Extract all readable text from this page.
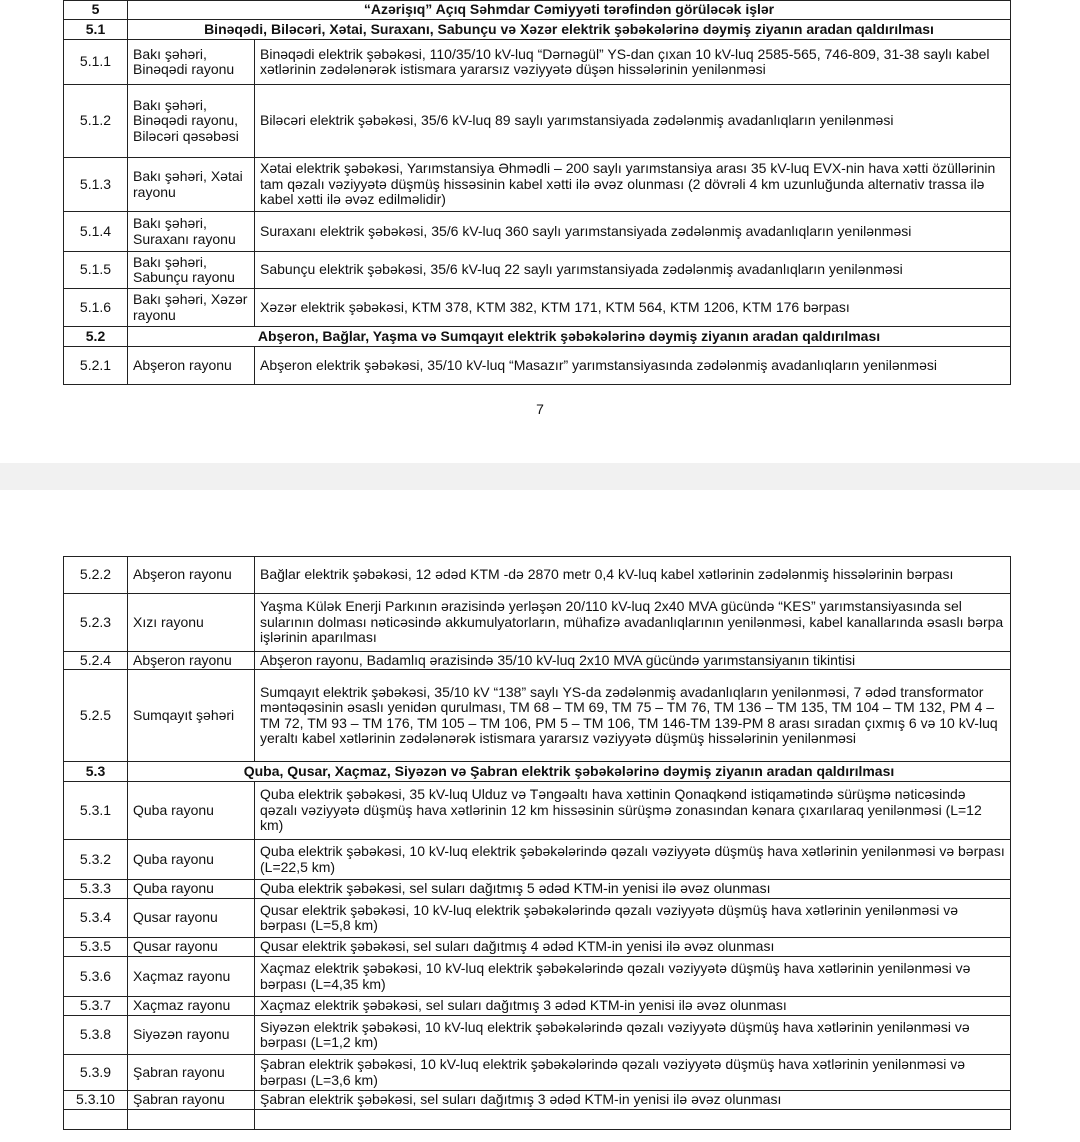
5	“Azərişıq” Açıq Səhmdar Cəmiyyəti tərəfindən görüləcək işlər	
5.1	Binəqədi, Biləcəri, Xətai, Suraxanı, Sabunçu və Xəzər elektrik şəbəkələrinə dəymiş ziyanın aradan qaldırılması	
5.1.1	Bakı şəhəri, Binəqədi rayonu	Binəqədi elektrik şəbəkəsi, 110/35/10 kV-luq “Dərnəgül” YS-dan çıxan 10 kV-luq 2585-565, 746-809, 31-38 saylı kabel xətlərinin zədələnərək istismara yararsız vəziyyətə düşən hissələrinin yenilənməsi
5.1.2	Bakı şəhəri, Binəqədi rayonu, Biləcəri qəsəbəsi	Biləcəri elektrik şəbəkəsi, 35/6 kV-luq 89 saylı yarımstansiyada zədələnmiş avadanlıqların yenilənməsi
5.1.3	Bakı şəhəri, Xətai rayonu	Xətai elektrik şəbəkəsi, Yarımstansiya Əhmədli – 200 saylı yarımstansiya arası 35 kV-luq EVX-nin hava xətti özüllərinin tam qəzalı vəziyyətə düşmüş hissəsinin kabel xətti ilə əvəz olunması (2 dövrəli 4 km uzunluğunda alternativ trassa ilə kabel xətti ilə əvəz edilməlidir)
5.1.4	Bakı şəhəri, Suraxanı rayonu	Suraxanı elektrik şəbəkəsi, 35/6 kV-luq 360 saylı yarımstansiyada zədələnmiş avadanlıqların yenilənməsi
5.1.5	Bakı şəhəri, Sabunçu rayonu	Sabunçu elektrik şəbəkəsi, 35/6 kV-luq 22 saylı yarımstansiyada zədələnmiş avadanlıqların yenilənməsi
5.1.6	Bakı şəhəri, Xəzər rayonu	Xəzər elektrik şəbəkəsi, KTM 378, KTM 382, KTM 171, KTM 564, KTM 1206, KTM 176 bərpası
5.2	Abşeron, Bağlar, Yaşma və Sumqayıt elektrik şəbəkələrinə dəymiş ziyanın aradan qaldırılması	
5.2.1	Abşeron rayonu	Abşeron elektrik şəbəkəsi, 35/10 kV-luq “Masazır” yarımstansiyasında zədələnmiş avadanlıqların yenilənməsi
7
5.2.2	Abşeron rayonu	Bağlar elektrik şəbəkəsi, 12 ədəd KTM -də 2870 metr 0,4 kV-luq kabel xətlərinin zədələnmiş hissələrinin bərpası
5.2.3	Xızı rayonu	Yaşma Külək Enerji Parkının ərazisində yerləşən 20/110 kV-luq 2x40 MVA gücündə “KES” yarımstansiyasında sel sularının dolması nəticəsində akkumulyatorların, mühafizə avadanlıqlarının yenilənməsi, kabel kanallarında əsaslı bərpa işlərinin aparılması
5.2.4	Abşeron rayonu	Abşeron rayonu, Badamlıq ərazisində 35/10 kV-luq 2x10 MVA gücündə yarımstansiyanın tikintisi
5.2.5	Sumqayıt şəhəri	Sumqayıt elektrik şəbəkəsi, 35/10 kV “138” saylı YS-da zədələnmiş avadanlıqların yenilənməsi, 7 ədəd transformator məntəqəsinin əsaslı yenidən qurulması, TM 68 – TM 69, TM 75 – TM 76, TM 136 – TM 135, TM 104 – TM 132, PM 4 – TM 72, TM 93 – TM 176, TM 105 – TM 106, PM 5 – TM 106, TM 146-TM 139-PM 8 arası sıradan çıxmış 6 və 10 kV-luq yeraltı kabel xətlərinin zədələnərək istismara yararsız vəziyyətə düşmüş hissələrinin yenilənməsi
5.3	Quba, Qusar, Xaçmaz, Siyəzən və Şabran elektrik şəbəkələrinə dəymiş ziyanın aradan qaldırılması	
5.3.1	Quba rayonu	Quba elektrik şəbəkəsi, 35 kV-luq Ulduz və Təngəaltı hava xəttinin Qonaqkənd istiqamətində sürüşmə nəticəsində qəzalı vəziyyətə düşmüş hava xətlərinin 12 km hissəsinin sürüşmə zonasından kənara çıxarılaraq yenilənməsi (L=12 km)
5.3.2	Quba rayonu	Quba elektrik şəbəkəsi, 10 kV-luq elektrik şəbəkələrində qəzalı vəziyyətə düşmüş hava xətlərinin yenilənməsi və bərpası (L=22,5 km)
5.3.3	Quba rayonu	Quba elektrik şəbəkəsi, sel suları dağıtmış 5 ədəd KTM-in yenisi ilə əvəz olunması
5.3.4	Qusar rayonu	Qusar elektrik şəbəkəsi, 10 kV-luq elektrik şəbəkələrində qəzalı vəziyyətə düşmüş hava xətlərinin yenilənməsi və bərpası (L=5,8 km)
5.3.5	Qusar rayonu	Qusar elektrik şəbəkəsi, sel suları dağıtmış 4 ədəd KTM-in yenisi ilə əvəz olunması
5.3.6	Xaçmaz rayonu	Xaçmaz elektrik şəbəkəsi, 10 kV-luq elektrik şəbəkələrində qəzalı vəziyyətə düşmüş hava xətlərinin yenilənməsi və bərpası (L=4,35 km)
5.3.7	Xaçmaz rayonu	Xaçmaz elektrik şəbəkəsi, sel suları dağıtmış 3 ədəd KTM-in yenisi ilə əvəz olunması
5.3.8	Siyəzən rayonu	Siyəzən elektrik şəbəkəsi, 10 kV-luq elektrik şəbəkələrində qəzalı vəziyyətə düşmüş hava xətlərinin yenilənməsi və bərpası (L=1,2 km)
5.3.9	Şabran rayonu	Şabran elektrik şəbəkəsi, 10 kV-luq elektrik şəbəkələrində qəzalı vəziyyətə düşmüş hava xətlərinin yenilənməsi və bərpası (L=3,6 km)
5.3.10	Şabran rayonu	Şabran elektrik şəbəkəsi, sel suları dağıtmış 3 ədəd KTM-in yenisi ilə əvəz olunması
